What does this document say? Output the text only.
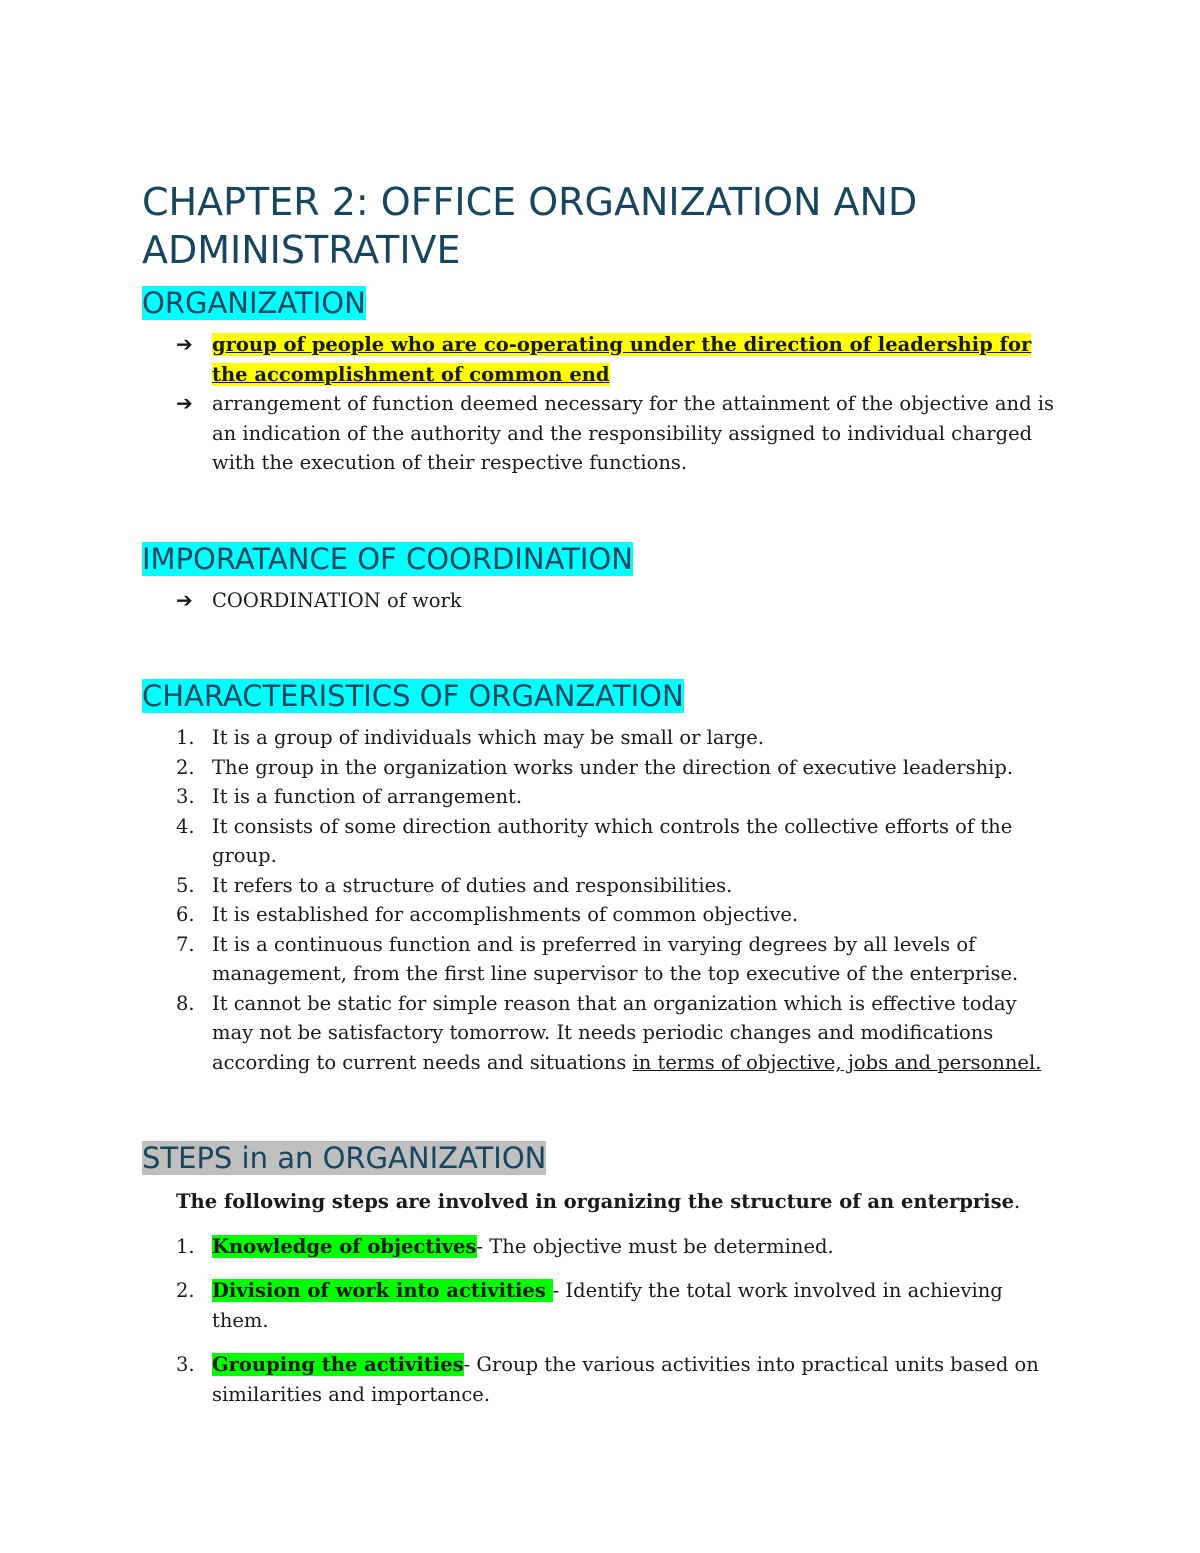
CHAPTER 2: OFFICE ORGANIZATION AND ADMINISTRATIVE
ORGANIZATION
➔ group of people who are co-operating under the direction of leadership for the accomplishment of common end
➔ arrangement of function deemed necessary for the attainment of the objective and is an indication of the authority and the responsibility assigned to individual charged with the execution of their respective functions.
IMPORATANCE OF COORDINATION
➔ COORDINATION of work
CHARACTERISTICS OF ORGANZATION
1. It is a group of individuals which may be small or large.
2. The group in the organization works under the direction of executive leadership.
3. It is a function of arrangement.
4. It consists of some direction authority which controls the collective efforts of the group.
5. It refers to a structure of duties and responsibilities.
6. It is established for accomplishments of common objective.
7. It is a continuous function and is preferred in varying degrees by all levels of management, from the first line supervisor to the top executive of the enterprise.
8. It cannot be static for simple reason that an organization which is effective today may not be satisfactory tomorrow. It needs periodic changes and modifications according to current needs and situations in terms of objective, jobs and personnel.
STEPS in an ORGANIZATION

The following steps are involved in organizing the structure of an enterprise.

1. Knowledge of objectives- The objective must be determined.
2. Division of work into activities - Identify the total work involved in achieving them.
3. Grouping the activities- Group the various activities into practical units based on similarities and importance.
